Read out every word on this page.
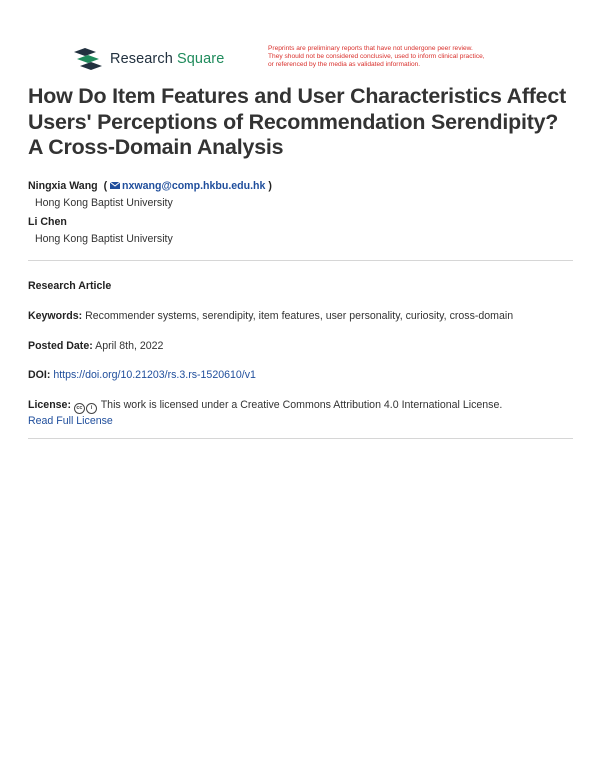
Research Square
Preprints are preliminary reports that have not undergone peer review.
They should not be considered conclusive, used to inform clinical practice,
or referenced by the media as validated information.
How Do Item Features and User Characteristics Affect Users' Perceptions of Recommendation Serendipity? A Cross-Domain Analysis
Ningxia Wang ( nxwang@comp.hkbu.edu.hk )
Hong Kong Baptist University
Li Chen
Hong Kong Baptist University
Research Article
Keywords: Recommender systems, serendipity, item features, user personality, curiosity, cross-domain
Posted Date: April 8th, 2022
DOI: https://doi.org/10.21203/rs.3.rs-1520610/v1
License: cc i This work is licensed under a Creative Commons Attribution 4.0 International License.
Read Full License
